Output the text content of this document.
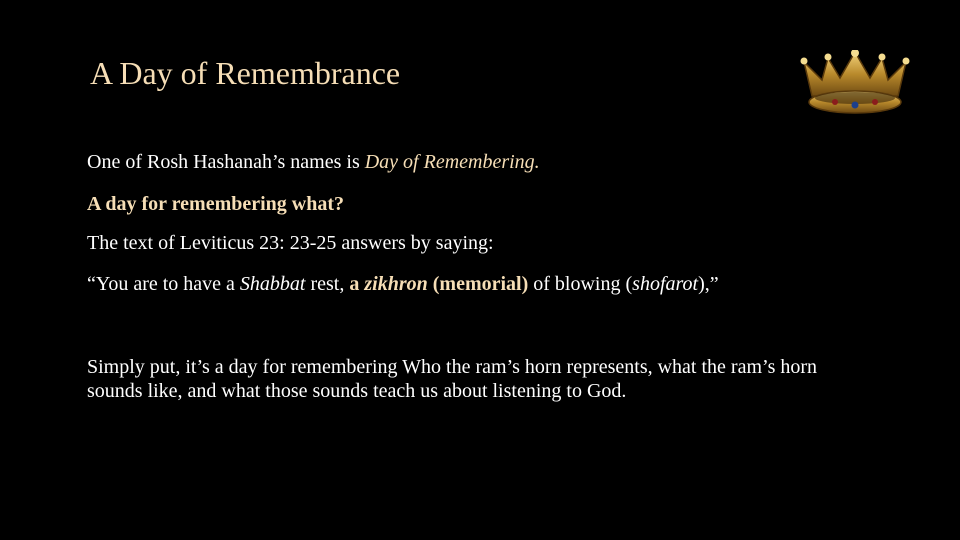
A Day of Remembrance
One of Rosh Hashanah’s names is Day of Remembering.
A day for remembering what?
The text of Leviticus 23: 23-25 answers by saying:
“You are to have a Shabbat rest, a zikhron (memorial) of blowing (shofarot),”
Simply put, it’s a day for remembering Who the ram’s horn represents, what the ram’s horn sounds like, and what those sounds teach us about listening to God.
